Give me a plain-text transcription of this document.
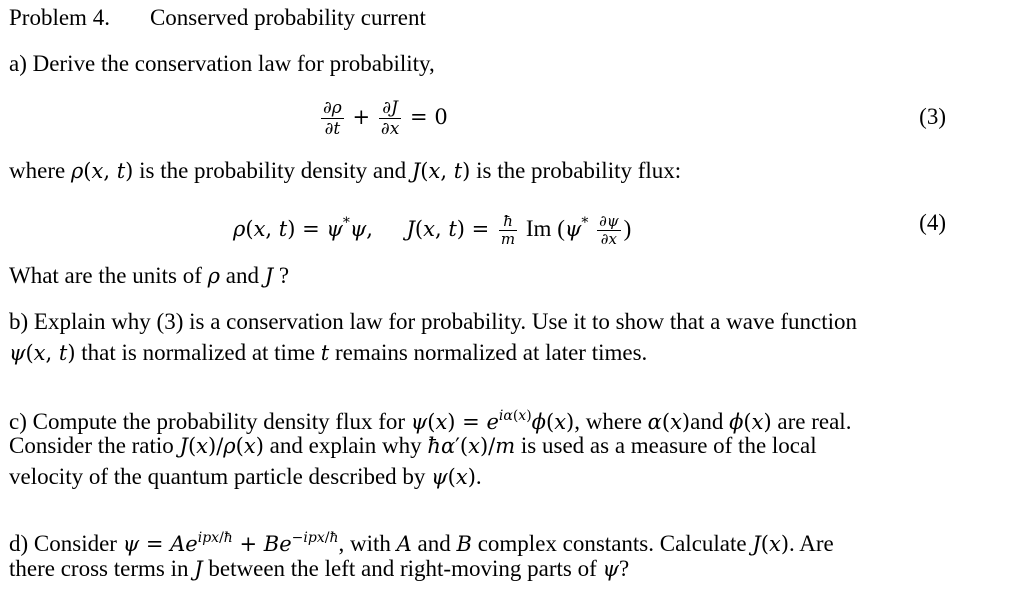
Problem 4. Conserved probability current
a) Derive the conservation law for probability,
$\frac{\partial\rho}{\partial t} + \frac{\partial J}{\partial x} = 0$	(3)
where ρ(x, t) is the probability density and J(x, t) is the probability flux:
ρ(x, t) = ψ*ψ, J(x, $t) = \frac{ħ}{m}$ Im ($\psi^* \frac{\partial\psi}{\partial x}$ )	(4)
What are the units of ρ and J ?
b) Explain why (3) is a conservation law for probability. Use it to show that a wave function
ψ(x, t) that is normalized at time t remains normalized at later times.
c) Compute the probability density flux for $\psi(x) = e^{i\alpha(x)}\phi(x)$, where α(x)and ϕ(x) are real.
Consider the ratio J(x)/ρ(x) and explain why ħα′(x)/m is used as a measure of the local
velocity of the quantum particle described by ψ(x).
d) Consider $\psi = Ae^{ipx/ħ} + Be^{-ipx/ħ}$, with A and B complex constants. Calculate J(x). Are
there cross terms in J between the left and right-moving parts of ψ?
